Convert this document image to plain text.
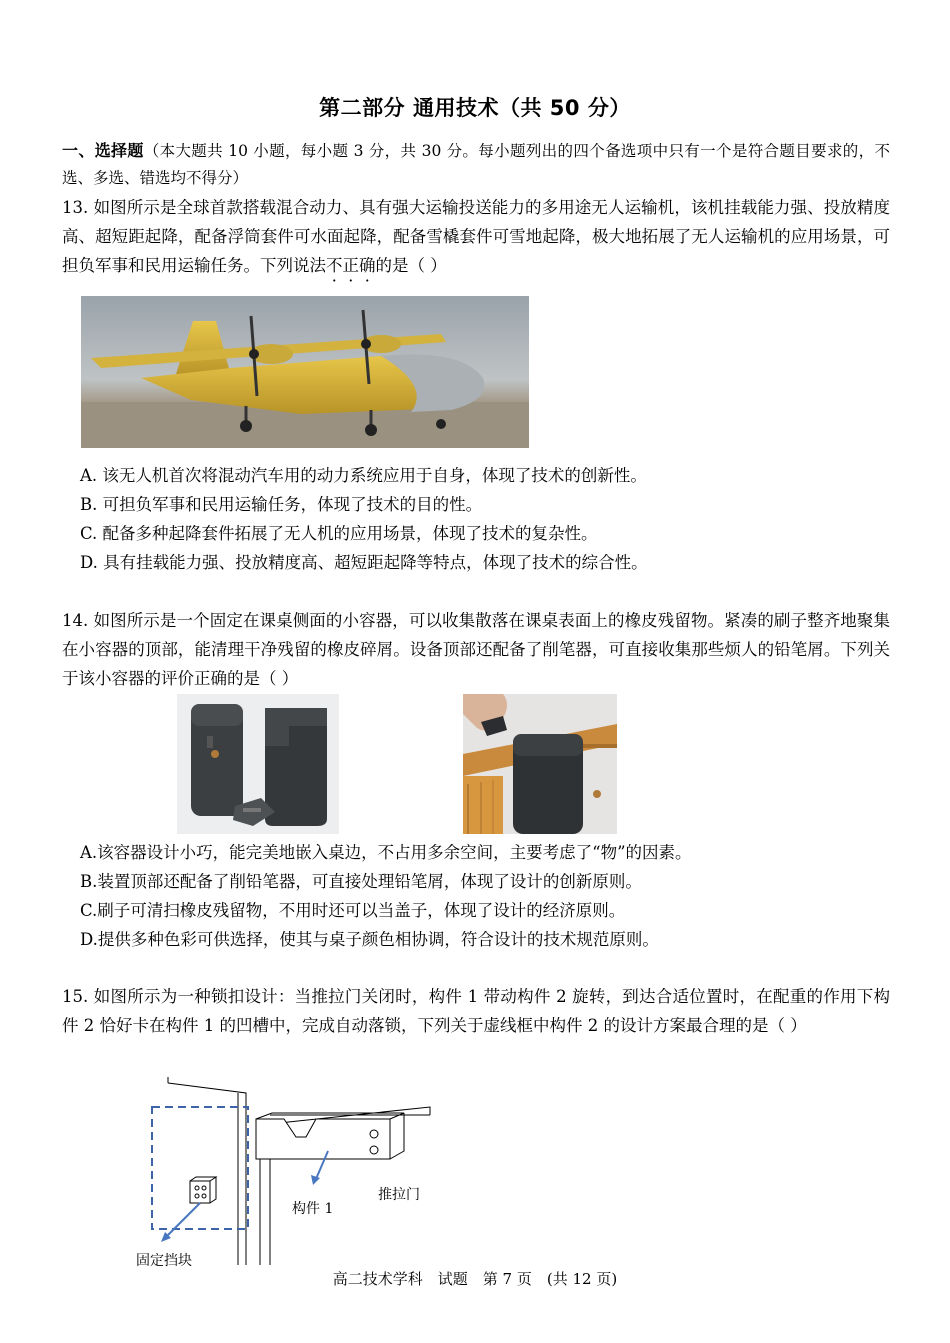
第二部分 通用技术（共 50 分）
一、选择题（本大题共 10 小题，每小题 3 分，共 30 分。每小题列出的四个备选项中只有一个是符合题目要求的，不选、多选、错选均不得分）
13. 如图所示是全球首款搭载混合动力、具有强大运输投送能力的多用途无人运输机，该机挂载能力强、投放精度高、超短距起降，配备浮筒套件可水面起降，配备雪橇套件可雪地起降，极大地拓展了无人运输机的应用场景，可担负军事和民用运输任务。下列说法不正确的是（ ）
A. 该无人机首次将混动汽车用的动力系统应用于自身，体现了技术的创新性。
B. 可担负军事和民用运输任务，体现了技术的目的性。
C. 配备多种起降套件拓展了无人机的应用场景，体现了技术的复杂性。
D. 具有挂载能力强、投放精度高、超短距起降等特点，体现了技术的综合性。
14. 如图所示是一个固定在课桌侧面的小容器，可以收集散落在课桌表面上的橡皮残留物。紧凑的刷子整齐地聚集在小容器的顶部，能清理干净残留的橡皮碎屑。设备顶部还配备了削笔器，可直接收集那些烦人的铅笔屑。下列关于该小容器的评价正确的是（ ）
A.该容器设计小巧，能完美地嵌入桌边，不占用多余空间，主要考虑了“物”的因素。
B.装置顶部还配备了削铅笔器，可直接处理铅笔屑，体现了设计的创新原则。
C.刷子可清扫橡皮残留物，不用时还可以当盖子，体现了设计的经济原则。
D.提供多种色彩可供选择，使其与桌子颜色相协调，符合设计的技术规范原则。
15. 如图所示为一种锁扣设计：当推拉门关闭时，构件 1 带动构件 2 旋转，到达合适位置时，在配重的作用下构件 2 恰好卡在构件 1 的凹槽中，完成自动落锁，下列关于虚线框中构件 2 的设计方案最合理的是（ ）
构件 1
推拉门
固定挡块
高二技术学科　试题　第 7 页　(共 12 页)
